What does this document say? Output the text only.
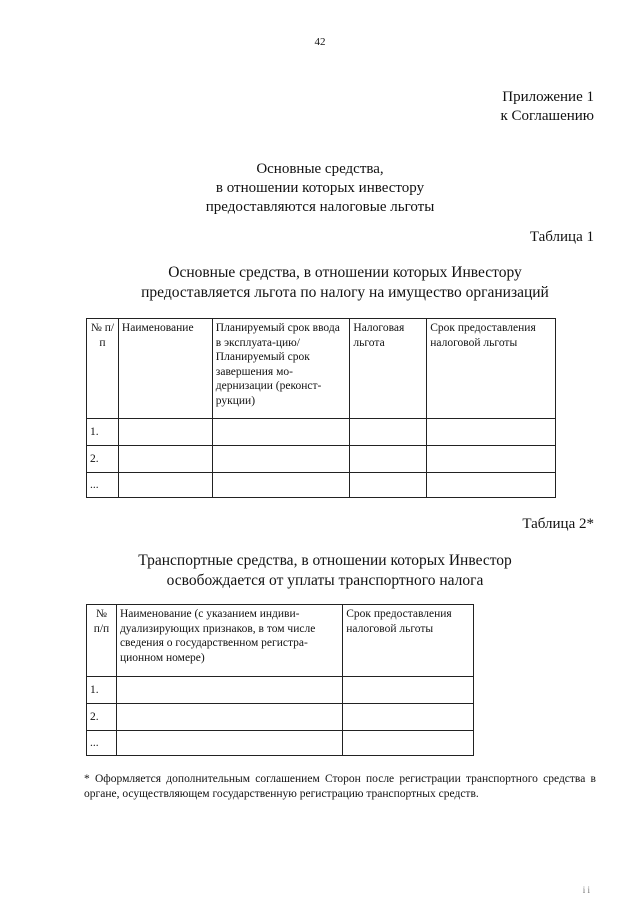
42
Приложение 1
к Соглашению
Основные средства,
в отношении которых инвестору
предоставляются налоговые льготы
Таблица 1
Основные средства, в отношении которых Инвестору
предоставляется льгота по налогу на имущество организаций
№ п/п	Наименование	Планируемый срок ввода в эксплуата-цию/Планируемый срок завершения мо-дернизации (реконст-рукции)	Налоговая льгота	Срок предоставления налоговой льготы
1.				
2.				
...				
Таблица 2*
Транспортные средства, в отношении которых Инвестор
освобождается от уплаты транспортного налога
№ п/п	Наименование (с указанием индиви-дуализирующих признаков, в том числе сведения о государственном регистра-ционном номере)	Срок предоставления налоговой льготы
1.		
2.		
...		
* Оформляется дополнительным соглашением Сторон после регистрации транспортного средства в органе, осуществляющем государственную регистрацию транспортных средств.
і і
